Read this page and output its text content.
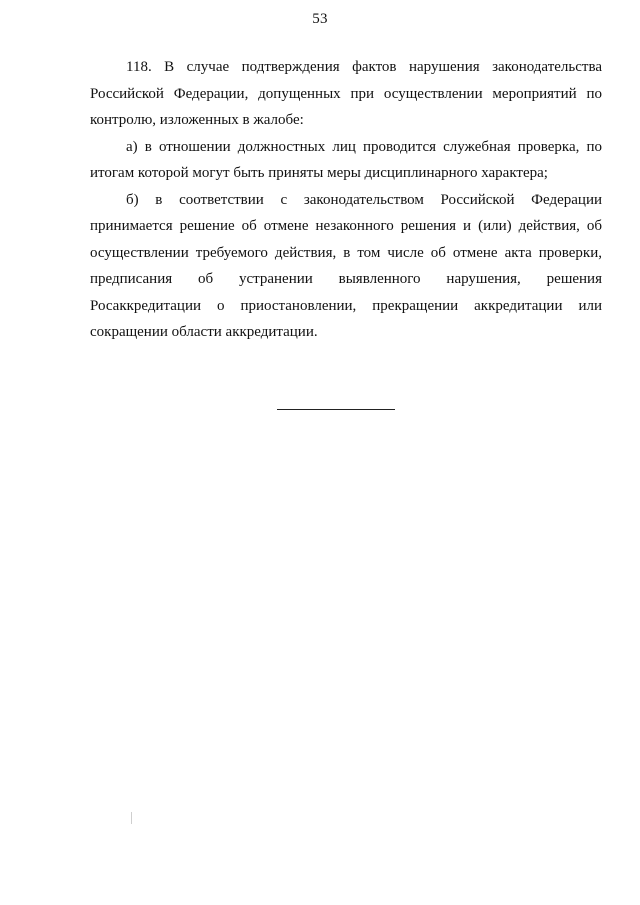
53

118. В случае подтверждения фактов нарушения законодательства Российской Федерации, допущенных при осуществлении мероприятий по контролю, изложенных в жалобе:

а) в отношении должностных лиц проводится служебная проверка, по итогам которой могут быть приняты меры дисциплинарного характера;

б) в соответствии с законодательством Российской Федерации принимается решение об отмене незаконного решения и (или) действия, об осуществлении требуемого действия, в том числе об отмене акта проверки, предписания об устранении выявленного нарушения, решения Росаккредитации о приостановлении, прекращении аккредитации или сокращении области аккредитации.
